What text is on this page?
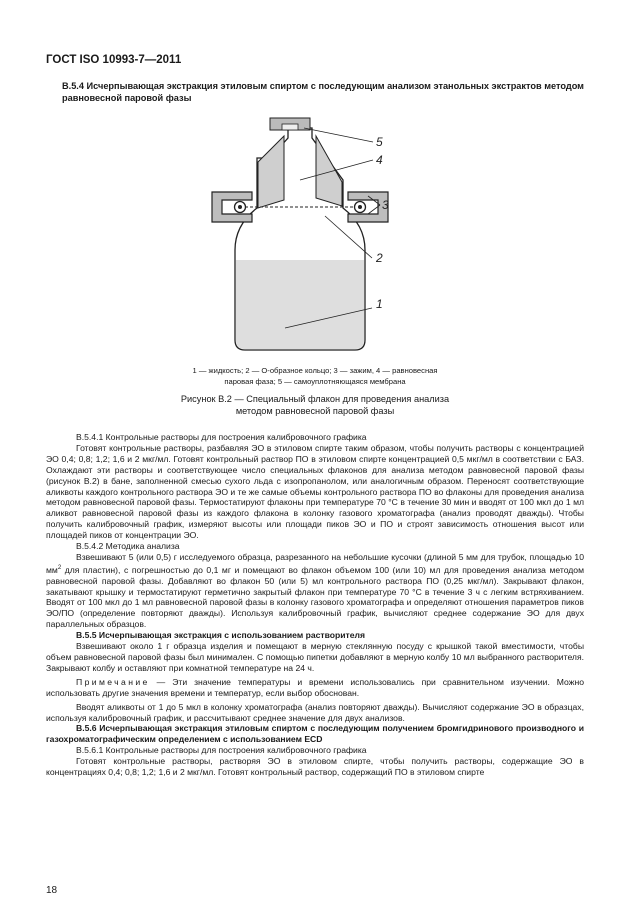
ГОСТ ISO 10993-7—2011
В.5.4 Исчерпывающая экстракция этиловым спиртом с последующим анализом этанольных экстрактов методом равновесной паровой фазы
5
4
3
2
1
1 — жидкость; 2 — О-образное кольцо; 3 — зажим, 4 — равновесная
паровая фаза; 5 — самоуплотняющаяся мембрана
Рисунок В.2 — Специальный флакон для проведения анализа
методом равновесной паровой фазы

В.5.4.1 Контрольные растворы для построения калибровочного графика

Готовят контрольные растворы, разбавляя ЭО в этиловом спирте таким образом, чтобы получить растворы с концентрацией ЭО 0,4; 0,8; 1,2; 1,6 и 2 мкг/мл. Готовят контрольный раствор ПО в этиловом спирте концентрацией 0,5 мкг/мл в соответствии с БАЗ. Охлаждают эти растворы и соответствующее число специальных флаконов для анализа методом равновесной паровой фазы (рисунок В.2) в бане, заполненной смесью сухого льда с изопропанолом, или аналогичным образом. Переносят соответствующие аликвоты каждого контрольного раствора ЭО и те же самые объемы контрольного раствора ПО во флаконы для проведения анализа методом равновесной паровой фазы. Термостатируют флаконы при температуре 70 °С в течение 30 мин и вводят от 100 мкл до 1 мл аликвот равновесной паровой фазы из каждого флакона в колонку газового хроматографа (анализ проводят дважды). Чтобы получить калибровочный график, измеряют высоты или площади пиков ЭО и ПО и строят зависимость отношения высот или площадей пиков от концентрации ЭО.

В.5.4.2 Методика анализа

Взвешивают 5 (или 0,5) г исследуемого образца, разрезанного на небольшие кусочки (длиной 5 мм для трубок, площадью 10 $мм^2$ для пластин), с погрешностью до 0,1 мг и помещают во флакон объемом 100 (или 10) мл для проведения анализа методом равновесной паровой фазы. Добавляют во флакон 50 (или 5) мл контрольного раствора ПО (0,25 мкг/мл). Закрывают флакон, закатывают крышку и термостатируют герметично закрытый флакон при температуре 70 °С в течение 3 ч с легким встряхиванием. Вводят от 100 мкл до 1 мл равновесной паровой фазы в колонку газового хроматографа и определяют отношения параметров пиков ЭО/ПО (определение повторяют дважды). Используя калибровочный график, вычисляют среднее содержание ЭО для двух параллельных образцов.

В.5.5 Исчерпывающая экстракция с использованием растворителя

Взвешивают около 1 г образца изделия и помещают в мерную стеклянную посуду с крышкой такой вместимости, чтобы объем равновесной паровой фазы был минимален. С помощью пипетки добавляют в мерную колбу 10 мл выбранного растворителя. Закрывают колбу и оставляют при комнатной температуре на 24 ч.

Примечание — Эти значение температуры и времени использовались при сравнительном изучении. Можно использовать другие значения времени и температур, если выбор обоснован.

Вводят аликвоты от 1 до 5 мкл в колонку хроматографа (анализ повторяют дважды). Вычисляют содержание ЭО в образцах, используя калибровочный график, и рассчитывают среднее значение для двух анализов.

В.5.6 Исчерпывающая экстракция этиловым спиртом с последующим получением бромгидринового производного и газохроматографическим определением с использованием ECD

В.5.6.1 Контрольные растворы для построения калибровочного графика

Готовят контрольные растворы, растворяя ЭО в этиловом спирте, чтобы получить растворы, содержащие ЭО в концентрациях 0,4; 0,8; 1,2; 1,6 и 2 мкг/мл. Готовят контрольный раствор, содержащий ПО в этиловом спирте

18
